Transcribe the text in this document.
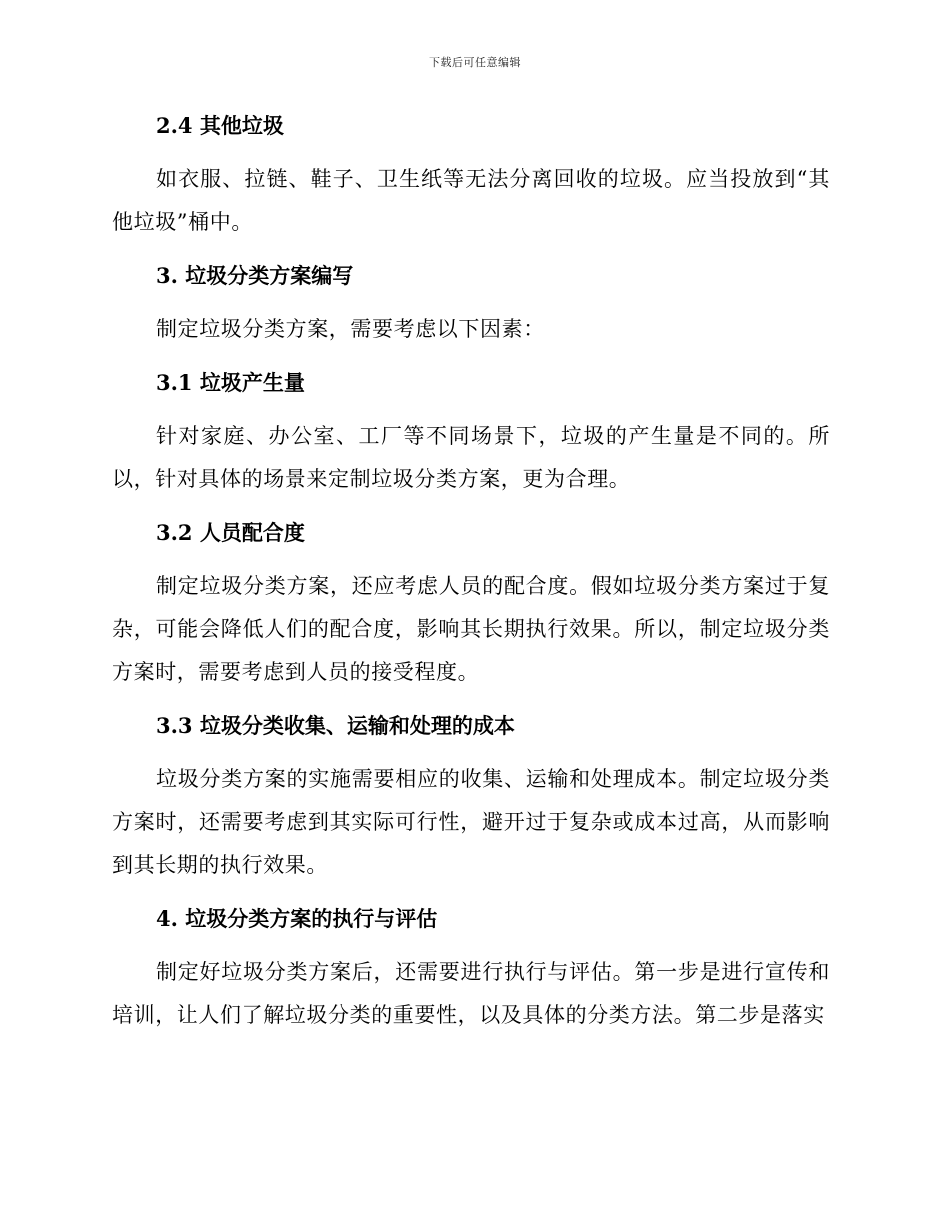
下载后可任意编辑
2.4 其他垃圾
如衣服、拉链、鞋子、卫生纸等无法分离回收的垃圾。应当投放到“其他垃圾”桶中。
3. 垃圾分类方案编写
制定垃圾分类方案，需要考虑以下因素：
3.1 垃圾产生量
针对家庭、办公室、工厂等不同场景下，垃圾的产生量是不同的。所以，针对具体的场景来定制垃圾分类方案，更为合理。
3.2 人员配合度
制定垃圾分类方案，还应考虑人员的配合度。假如垃圾分类方案过于复杂，可能会降低人们的配合度，影响其长期执行效果。所以，制定垃圾分类方案时，需要考虑到人员的接受程度。
3.3 垃圾分类收集、运输和处理的成本
垃圾分类方案的实施需要相应的收集、运输和处理成本。制定垃圾分类方案时，还需要考虑到其实际可行性，避开过于复杂或成本过高，从而影响到其长期的执行效果。
4. 垃圾分类方案的执行与评估
制定好垃圾分类方案后，还需要进行执行与评估。第一步是进行宣传和培训，让人们了解垃圾分类的重要性，以及具体的分类方法。第二步是落实
